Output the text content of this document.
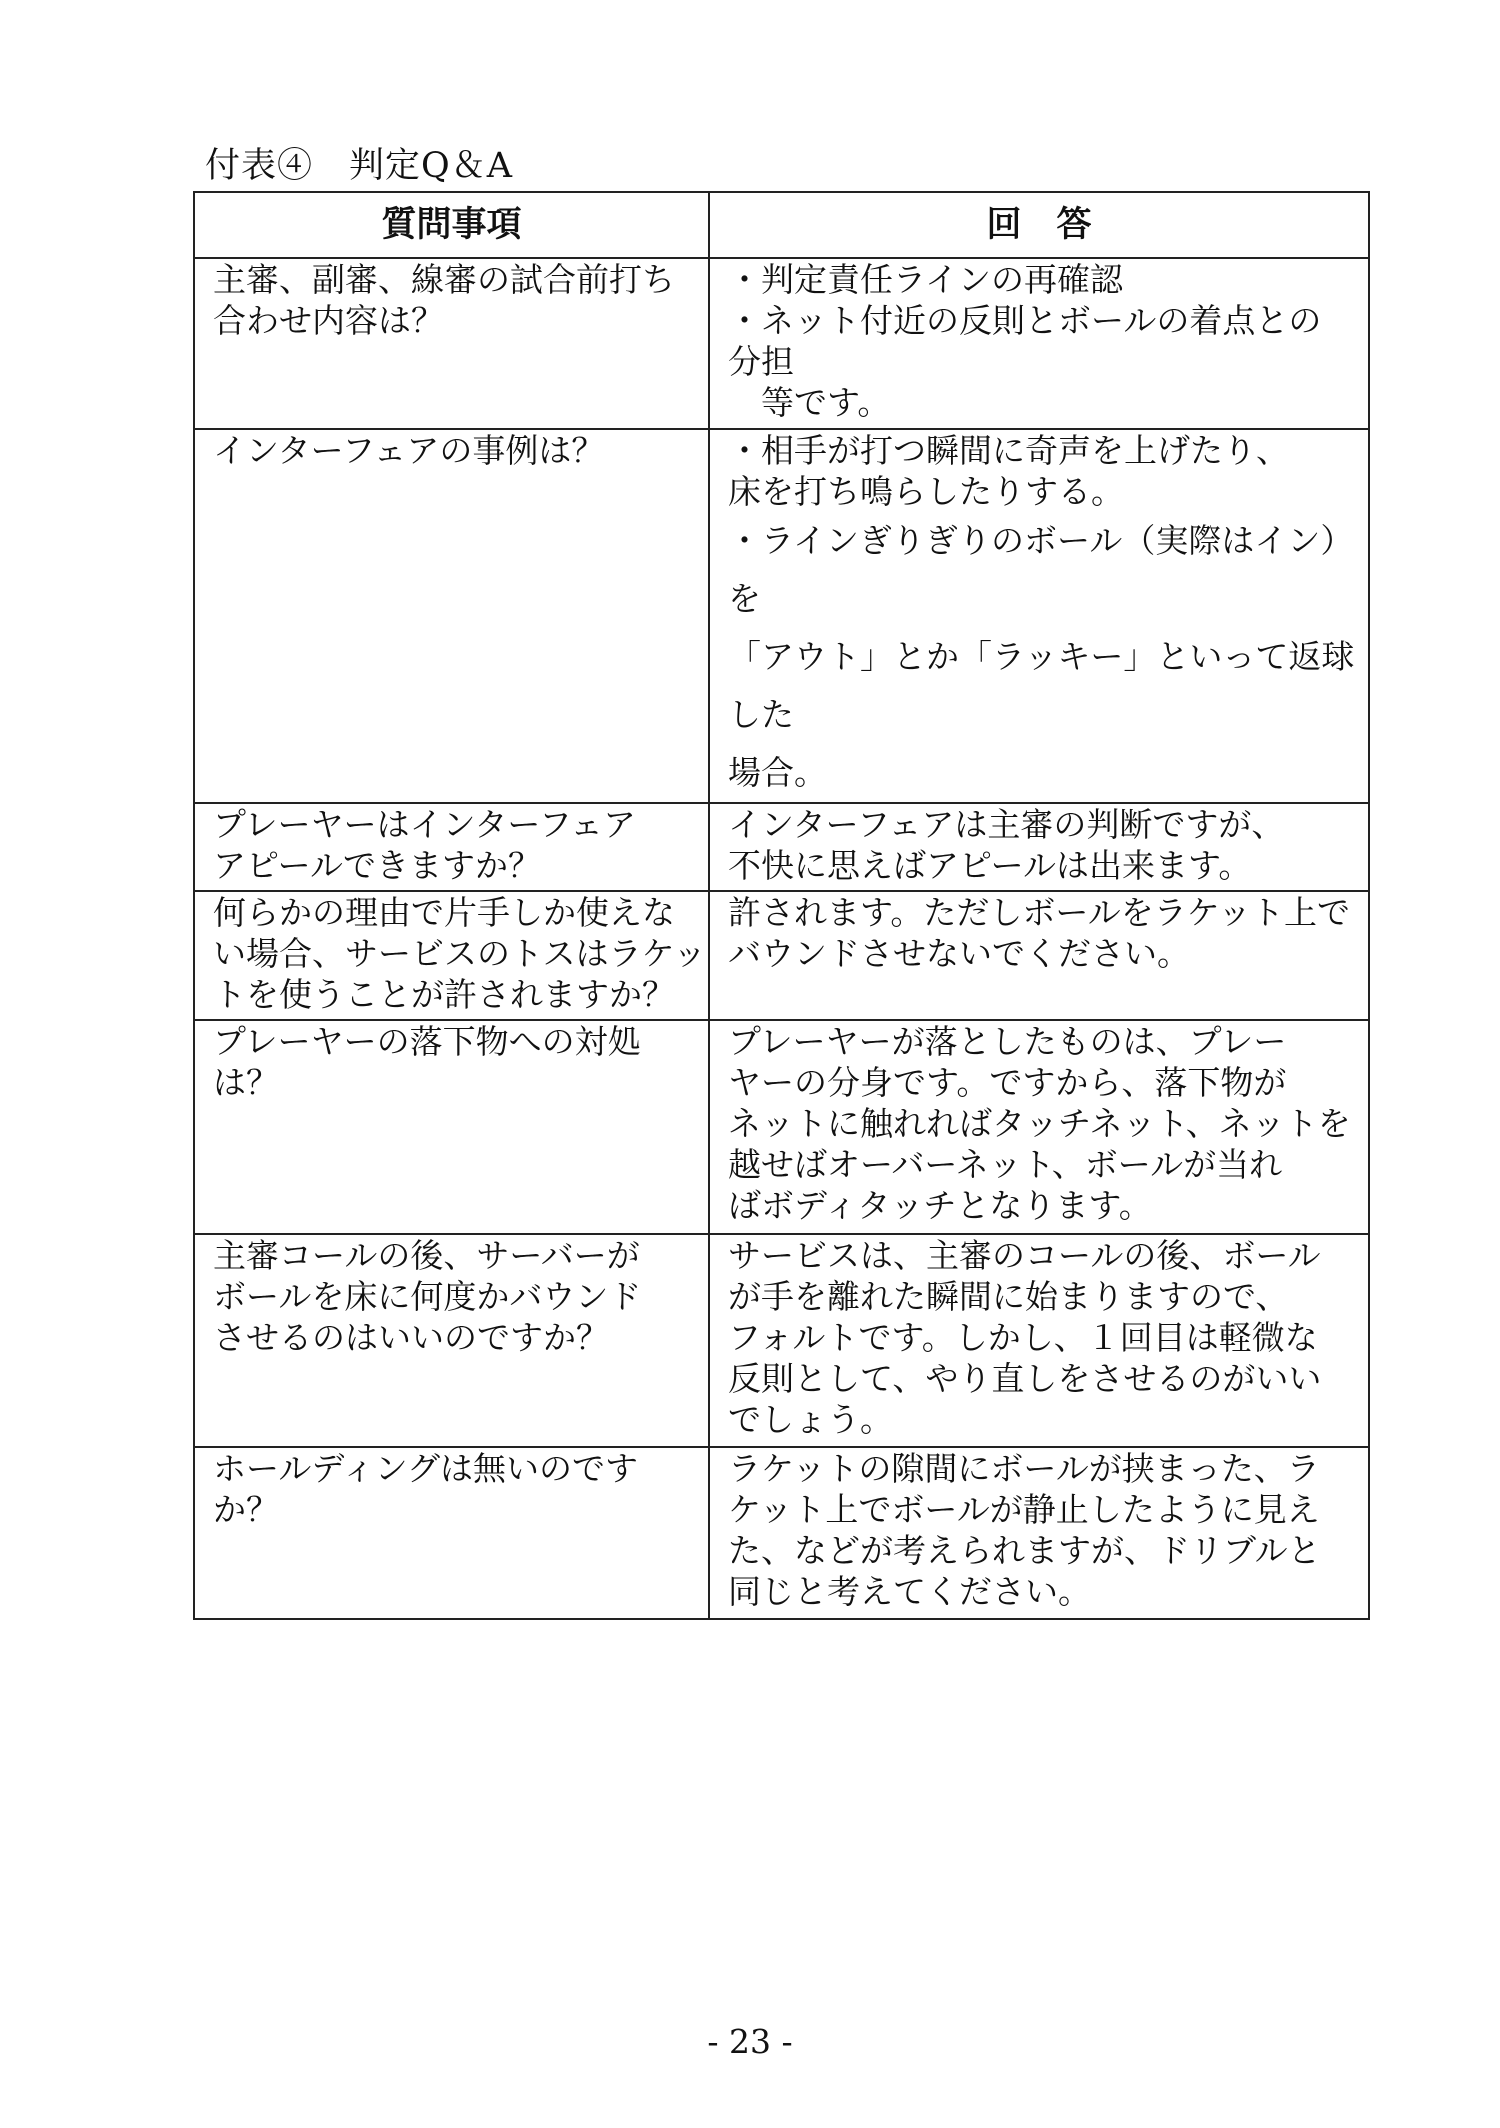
付表④　判定Q＆A
質問事項	回　答

主審、副審、線審の試合前打ち
合わせ内容は？	・判定責任ラインの再確認
・ネット付近の反則とボールの着点との
分担
　等です。

インターフェアの事例は？	・相手が打つ瞬間に奇声を上げたり、
床を打ち鳴らしたりする。
・ラインぎりぎりのボール（実際はイン）を
「アウト」とか「ラッキー」といって返球した
場合。

プレーヤーはインターフェア
アピールできますか？	インターフェアは主審の判断ですが、
不快に思えばアピールは出来ます。

何らかの理由で片手しか使えな
い場合、サービスのトスはラケッ
トを使うことが許されますか？	許されます。ただしボールをラケット上で
バウンドさせないでください。

プレーヤーの落下物への対処
は？	プレーヤーが落としたものは、プレー
ヤーの分身です。ですから、落下物が
ネットに触れればタッチネット、ネットを
越せばオーバーネット、ボールが当れ
ばボディタッチとなります。

主審コールの後、サーバーが
ボールを床に何度かバウンド
させるのはいいのですか？	サービスは、主審のコールの後、ボール
が手を離れた瞬間に始まりますので、
フォルトです。しかし、１回目は軽微な
反則として、やり直しをさせるのがいい
でしょう。

ホールディングは無いのです
か？	ラケットの隙間にボールが挟まった、ラ
ケット上でボールが静止したように見え
た、などが考えられますが、ドリブルと
同じと考えてください。
- 23 -
